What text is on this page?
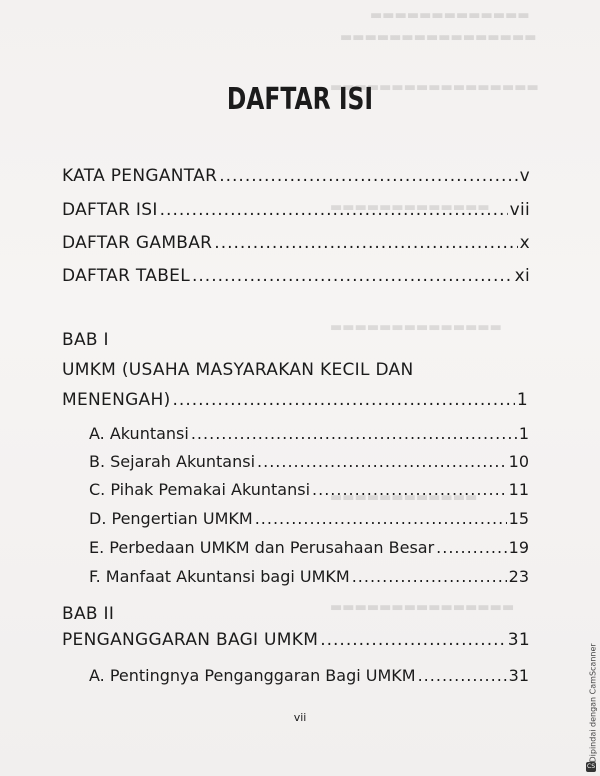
▬▬▬▬▬▬▬▬▬▬▬▬▬
▬▬▬▬▬▬▬▬▬▬▬▬▬▬▬▬
▬▬▬▬▬▬▬▬▬▬▬▬▬▬▬▬▬
▬▬▬▬▬▬▬▬▬▬▬▬▬
▬▬▬▬▬▬▬▬▬▬▬▬▬▬
▬▬▬▬▬▬▬▬▬▬▬▬
▬▬▬▬▬▬▬▬▬▬▬▬▬▬▬
DAFTAR ISI
KATA PENGANTAR .....	v
DAFTAR ISI .....	vii
DAFTAR GAMBAR .....	x
DAFTAR TABEL .....	xi
BAB I
UMKM (USAHA MASYARAKAN KECIL DAN
MENENGAH) .....	1
A. Akuntansi .....	1
B. Sejarah Akuntansi .....	10
C. Pihak Pemakai Akuntansi .....	11
D. Pengertian UMKM .....	15
E. Perbedaan UMKM dan Perusahaan Besar .....	19
F. Manfaat Akuntansi bagi UMKM .....	23
BAB II
PENGANGGARAN BAGI UMKM .....	31
A. Pentingnya Penganggaran Bagi UMKM .....	31
vii	Dipindai dengan CamScanner
CS
